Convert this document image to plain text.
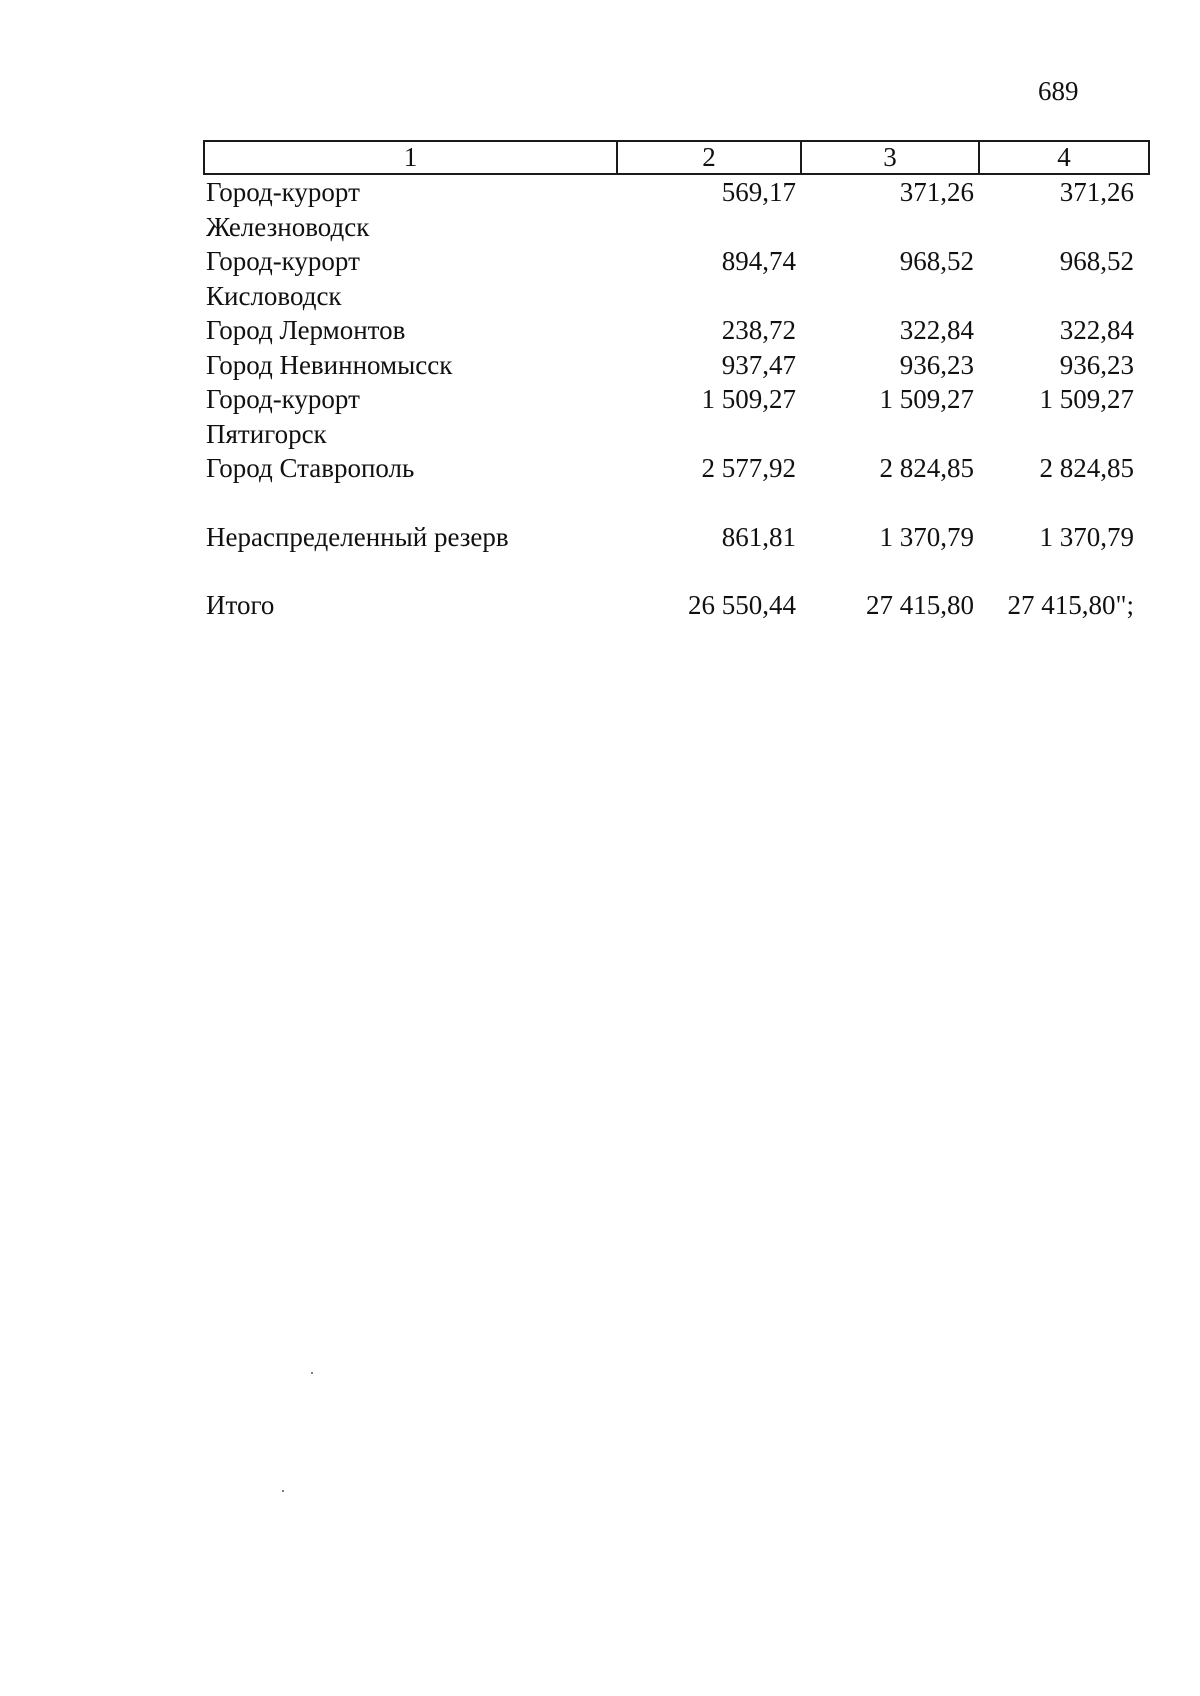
689
1	2	3	4
Город-курорт
Железноводск	569,17	371,26	371,26
Город-курорт
Кисловодск	894,74	968,52	968,52
Город Лермонтов	238,72	322,84	322,84
Город Невинномысск	937,47	936,23	936,23
Город-курорт
Пятигорск	1 509,27	1 509,27	1 509,27
Город Ставрополь	2 577,92	2 824,85	2 824,85

Нераспределенный резерв	861,81	1 370,79	1 370,79

Итого	26 550,44	27 415,80	27 415,80";
